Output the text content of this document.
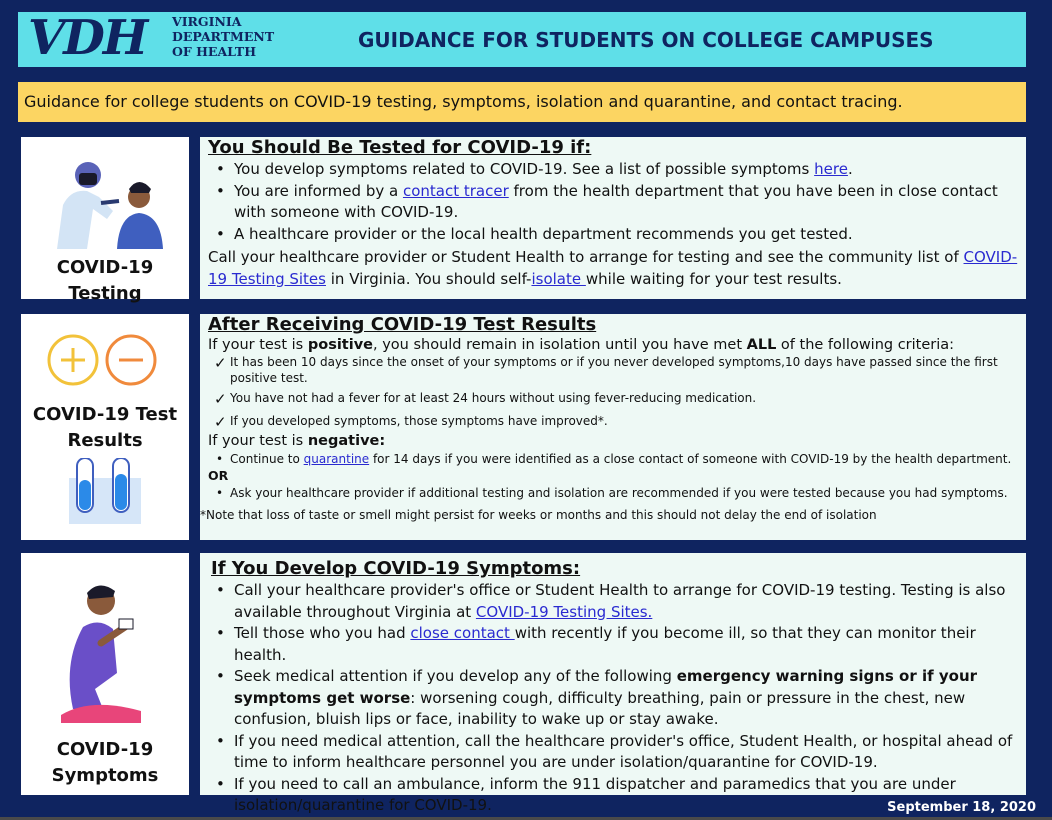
VDH VIRGINIA
DEPARTMENT
OF HEALTH	GUIDANCE FOR STUDENTS ON COLLEGE CAMPUSES
Guidance for college students on COVID-19 testing, symptoms, isolation and quarantine, and contact tracing.
COVID-19 Testing
You Should Be Tested for COVID-19 if:
• You develop symptoms related to COVID-19. See a list of possible symptoms here.
• You are informed by a contact tracer from the health department that you have been in close contact with someone with COVID-19.
• A healthcare provider or the local health department recommends you get tested.
Call your healthcare provider or Student Health to arrange for testing and see the community list of COVID-19 Testing Sites in Virginia. You should self-isolate while waiting for your test results.
COVID-19 Test
Results
After Receiving COVID-19 Test Results
If your test is positive, you should remain in isolation until you have met ALL of the following criteria:
✓ It has been 10 days since the onset of your symptoms or if you never developed symptoms,10 days have passed since the first positive test.
✓ You have not had a fever for at least 24 hours without using fever-reducing medication.
✓ If you developed symptoms, those symptoms have improved*.
If your test is negative:
• Continue to quarantine for 14 days if you were identified as a close contact of someone with COVID-19 by the health department.
OR
• Ask your healthcare provider if additional testing and isolation are recommended if you were tested because you had symptoms.
*Note that loss of taste or smell might persist for weeks or months and this should not delay the end of isolation
COVID-19
Symptoms
If You Develop COVID-19 Symptoms:
• Call your healthcare provider's office or Student Health to arrange for COVID-19 testing. Testing is also available throughout Virginia at COVID-19 Testing Sites.
• Tell those who you had close contact with recently if you become ill, so that they can monitor their health.
• Seek medical attention if you develop any of the following emergency warning signs or if your symptoms get worse: worsening cough, difficulty breathing, pain or pressure in the chest, new confusion, bluish lips or face, inability to wake up or stay awake.
• If you need medical attention, call the healthcare provider's office, Student Health, or hospital ahead of time to inform healthcare personnel you are under isolation/quarantine for COVID-19.
• If you need to call an ambulance, inform the 911 dispatcher and paramedics that you are under isolation/quarantine for COVID-19.	September 18, 2020
